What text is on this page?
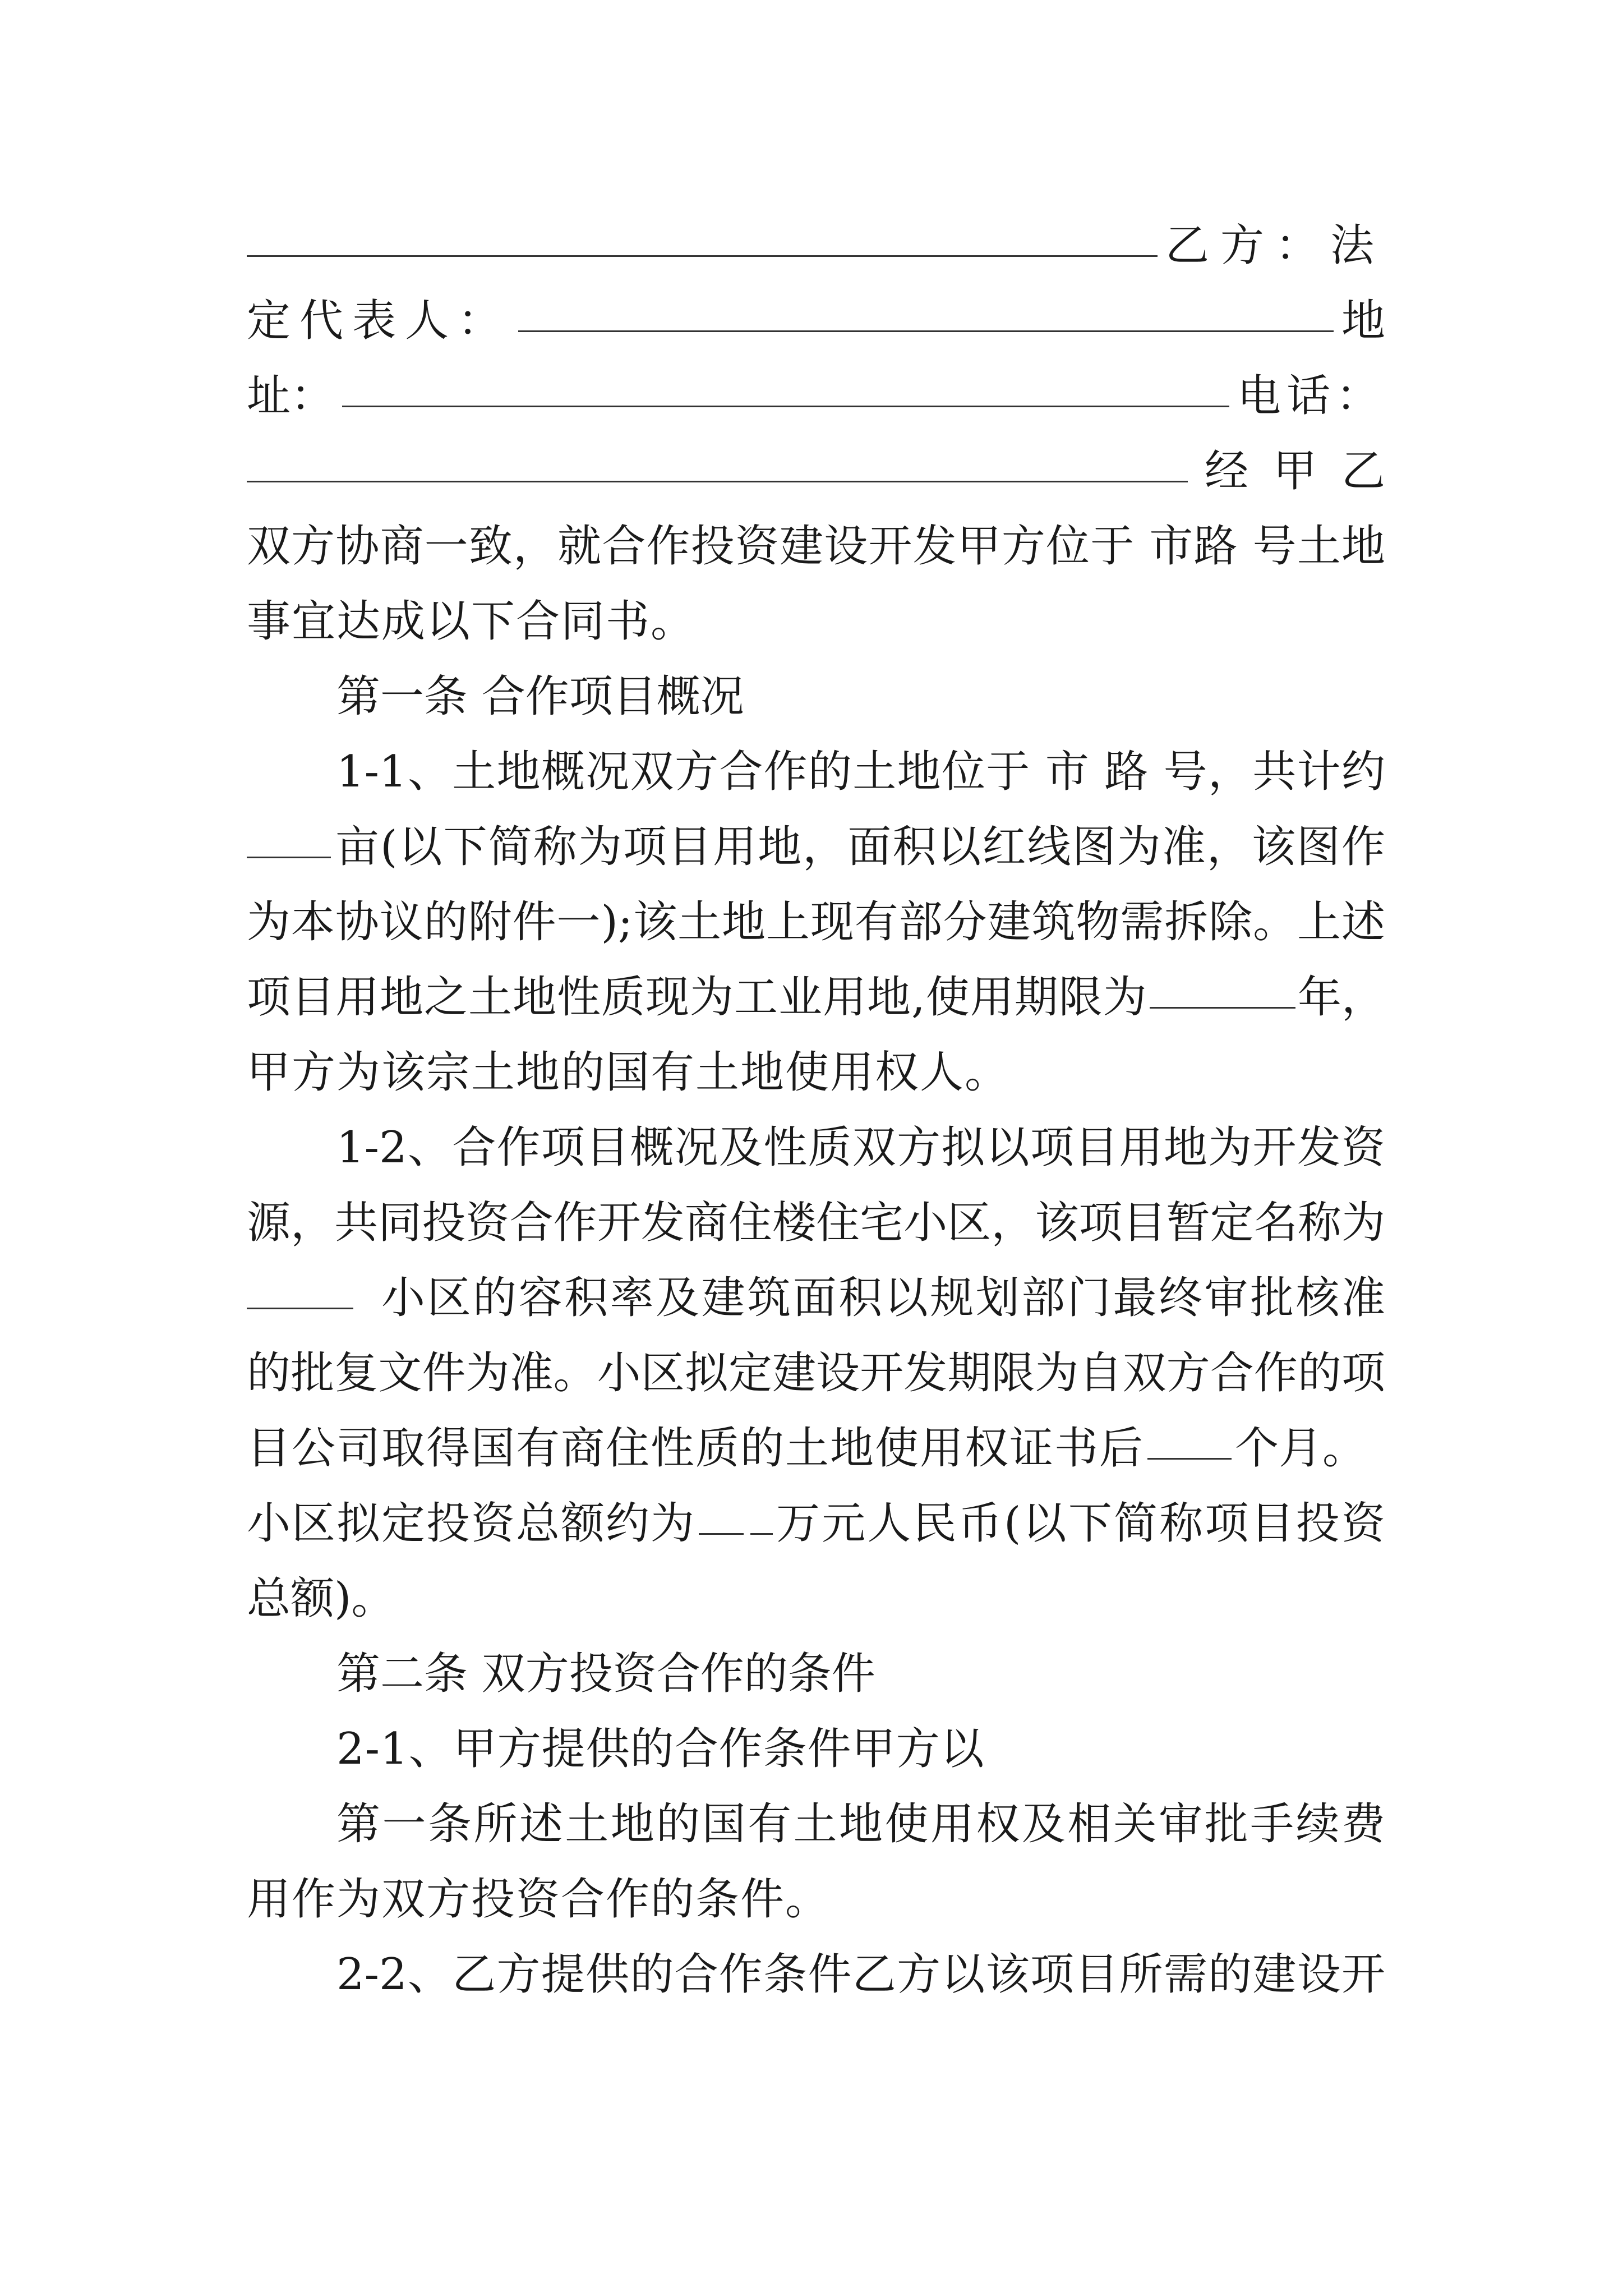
乙方：法
定代表人：	地
址：	电话：
经甲乙
双方协商一致，就合作投资建设开发甲方位于 市路 号土地
事宜达成以下合同书。
第一条 合作项目概况
1-1、土地概况双方合作的土地位于 市 路 号，共计约
亩(以下简称为项目用地，面积以红线图为准，该图作
为本协议的附件一);该土地上现有部分建筑物需拆除。上述
项目用地之土地性质现为工业用地,使用期限为	年，
甲方为该宗土地的国有土地使用权人。
1-2、合作项目概况及性质双方拟以项目用地为开发资
源，共同投资合作开发商住楼住宅小区，该项目暂定名称为
小区的容积率及建筑面积以规划部门最终审批核准
的批复文件为准。小区拟定建设开发期限为自双方合作的项
目公司取得国有商住性质的土地使用权证书后 个月。
小区拟定投资总额约为 万元人民币(以下简称项目投资
总额)。
第二条 双方投资合作的条件
2-1、甲方提供的合作条件甲方以
第一条所述土地的国有土地使用权及相关审批手续费
用作为双方投资合作的条件。
2-2、乙方提供的合作条件乙方以该项目所需的建设开
